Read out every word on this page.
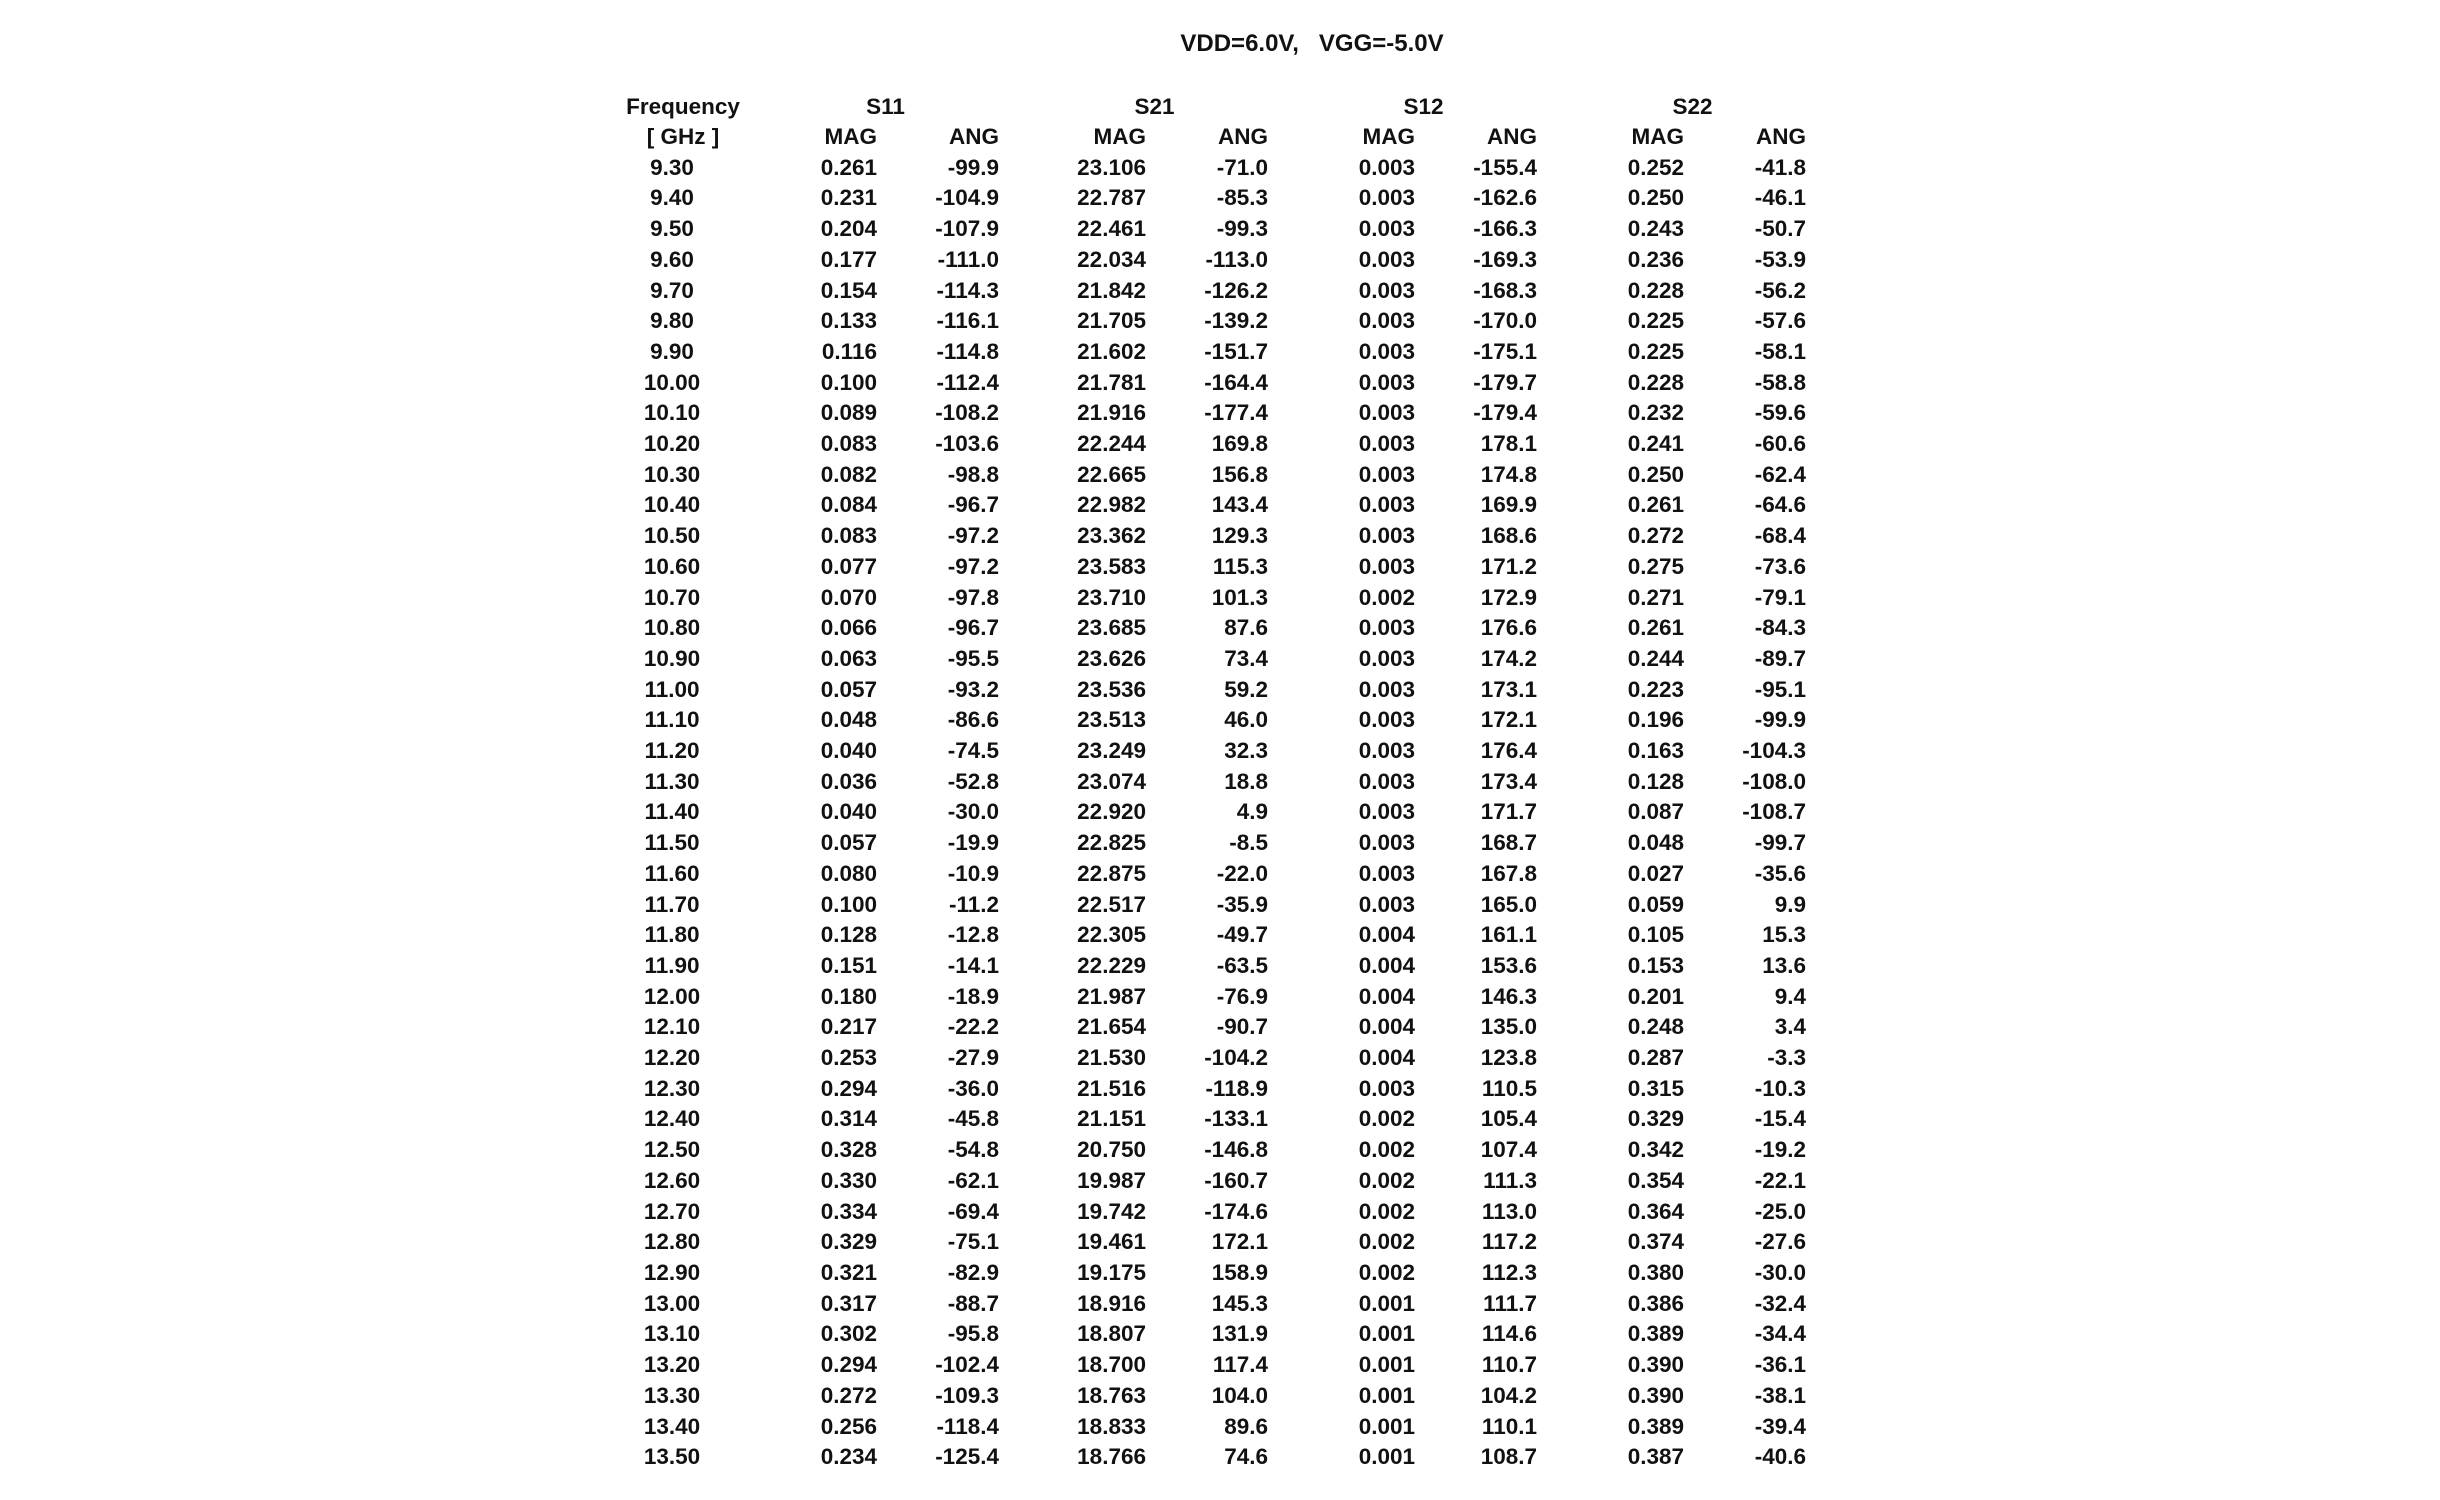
VDD=6.0V,   VGG=-5.0V
Frequency	S11			S21			S12			S22	
[ GHz ]	MAG	ANG		MAG	ANG		MAG	ANG		MAG	ANG
9.30	0.261	-99.9		23.106	-71.0		0.003	-155.4		0.252	-41.8
9.40	0.231	-104.9		22.787	-85.3		0.003	-162.6		0.250	-46.1
9.50	0.204	-107.9		22.461	-99.3		0.003	-166.3		0.243	-50.7
9.60	0.177	-111.0		22.034	-113.0		0.003	-169.3		0.236	-53.9
9.70	0.154	-114.3		21.842	-126.2		0.003	-168.3		0.228	-56.2
9.80	0.133	-116.1		21.705	-139.2		0.003	-170.0		0.225	-57.6
9.90	0.116	-114.8		21.602	-151.7		0.003	-175.1		0.225	-58.1
10.00	0.100	-112.4		21.781	-164.4		0.003	-179.7		0.228	-58.8
10.10	0.089	-108.2		21.916	-177.4		0.003	-179.4		0.232	-59.6
10.20	0.083	-103.6		22.244	169.8		0.003	178.1		0.241	-60.6
10.30	0.082	-98.8		22.665	156.8		0.003	174.8		0.250	-62.4
10.40	0.084	-96.7		22.982	143.4		0.003	169.9		0.261	-64.6
10.50	0.083	-97.2		23.362	129.3		0.003	168.6		0.272	-68.4
10.60	0.077	-97.2		23.583	115.3		0.003	171.2		0.275	-73.6
10.70	0.070	-97.8		23.710	101.3		0.002	172.9		0.271	-79.1
10.80	0.066	-96.7		23.685	87.6		0.003	176.6		0.261	-84.3
10.90	0.063	-95.5		23.626	73.4		0.003	174.2		0.244	-89.7
11.00	0.057	-93.2		23.536	59.2		0.003	173.1		0.223	-95.1
11.10	0.048	-86.6		23.513	46.0		0.003	172.1		0.196	-99.9
11.20	0.040	-74.5		23.249	32.3		0.003	176.4		0.163	-104.3
11.30	0.036	-52.8		23.074	18.8		0.003	173.4		0.128	-108.0
11.40	0.040	-30.0		22.920	4.9		0.003	171.7		0.087	-108.7
11.50	0.057	-19.9		22.825	-8.5		0.003	168.7		0.048	-99.7
11.60	0.080	-10.9		22.875	-22.0		0.003	167.8		0.027	-35.6
11.70	0.100	-11.2		22.517	-35.9		0.003	165.0		0.059	9.9
11.80	0.128	-12.8		22.305	-49.7		0.004	161.1		0.105	15.3
11.90	0.151	-14.1		22.229	-63.5		0.004	153.6		0.153	13.6
12.00	0.180	-18.9		21.987	-76.9		0.004	146.3		0.201	9.4
12.10	0.217	-22.2		21.654	-90.7		0.004	135.0		0.248	3.4
12.20	0.253	-27.9		21.530	-104.2		0.004	123.8		0.287	-3.3
12.30	0.294	-36.0		21.516	-118.9		0.003	110.5		0.315	-10.3
12.40	0.314	-45.8		21.151	-133.1		0.002	105.4		0.329	-15.4
12.50	0.328	-54.8		20.750	-146.8		0.002	107.4		0.342	-19.2
12.60	0.330	-62.1		19.987	-160.7		0.002	111.3		0.354	-22.1
12.70	0.334	-69.4		19.742	-174.6		0.002	113.0		0.364	-25.0
12.80	0.329	-75.1		19.461	172.1		0.002	117.2		0.374	-27.6
12.90	0.321	-82.9		19.175	158.9		0.002	112.3		0.380	-30.0
13.00	0.317	-88.7		18.916	145.3		0.001	111.7		0.386	-32.4
13.10	0.302	-95.8		18.807	131.9		0.001	114.6		0.389	-34.4
13.20	0.294	-102.4		18.700	117.4		0.001	110.7		0.390	-36.1
13.30	0.272	-109.3		18.763	104.0		0.001	104.2		0.390	-38.1
13.40	0.256	-118.4		18.833	89.6		0.001	110.1		0.389	-39.4
13.50	0.234	-125.4		18.766	74.6		0.001	108.7		0.387	-40.6
